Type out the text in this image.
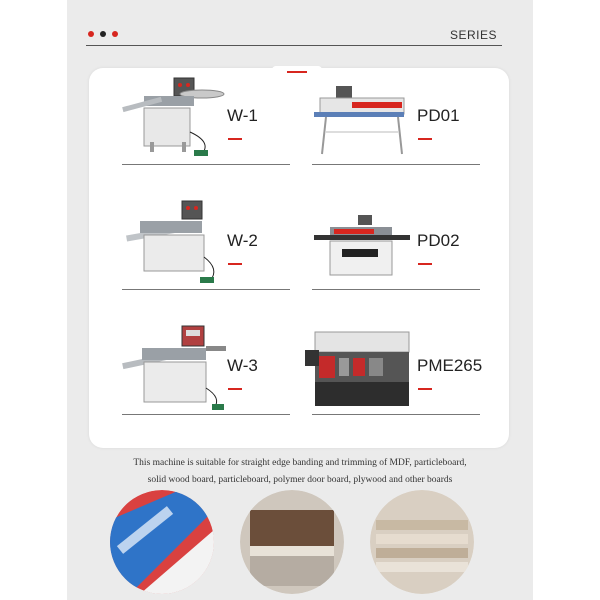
SERIES
W-1	PD01
W-2	PD02
W-3	PME265
This machine is suitable for straight edge banding and trimming of MDF, particleboard,
solid wood board, particleboard, polymer door board, plywood and other boards
